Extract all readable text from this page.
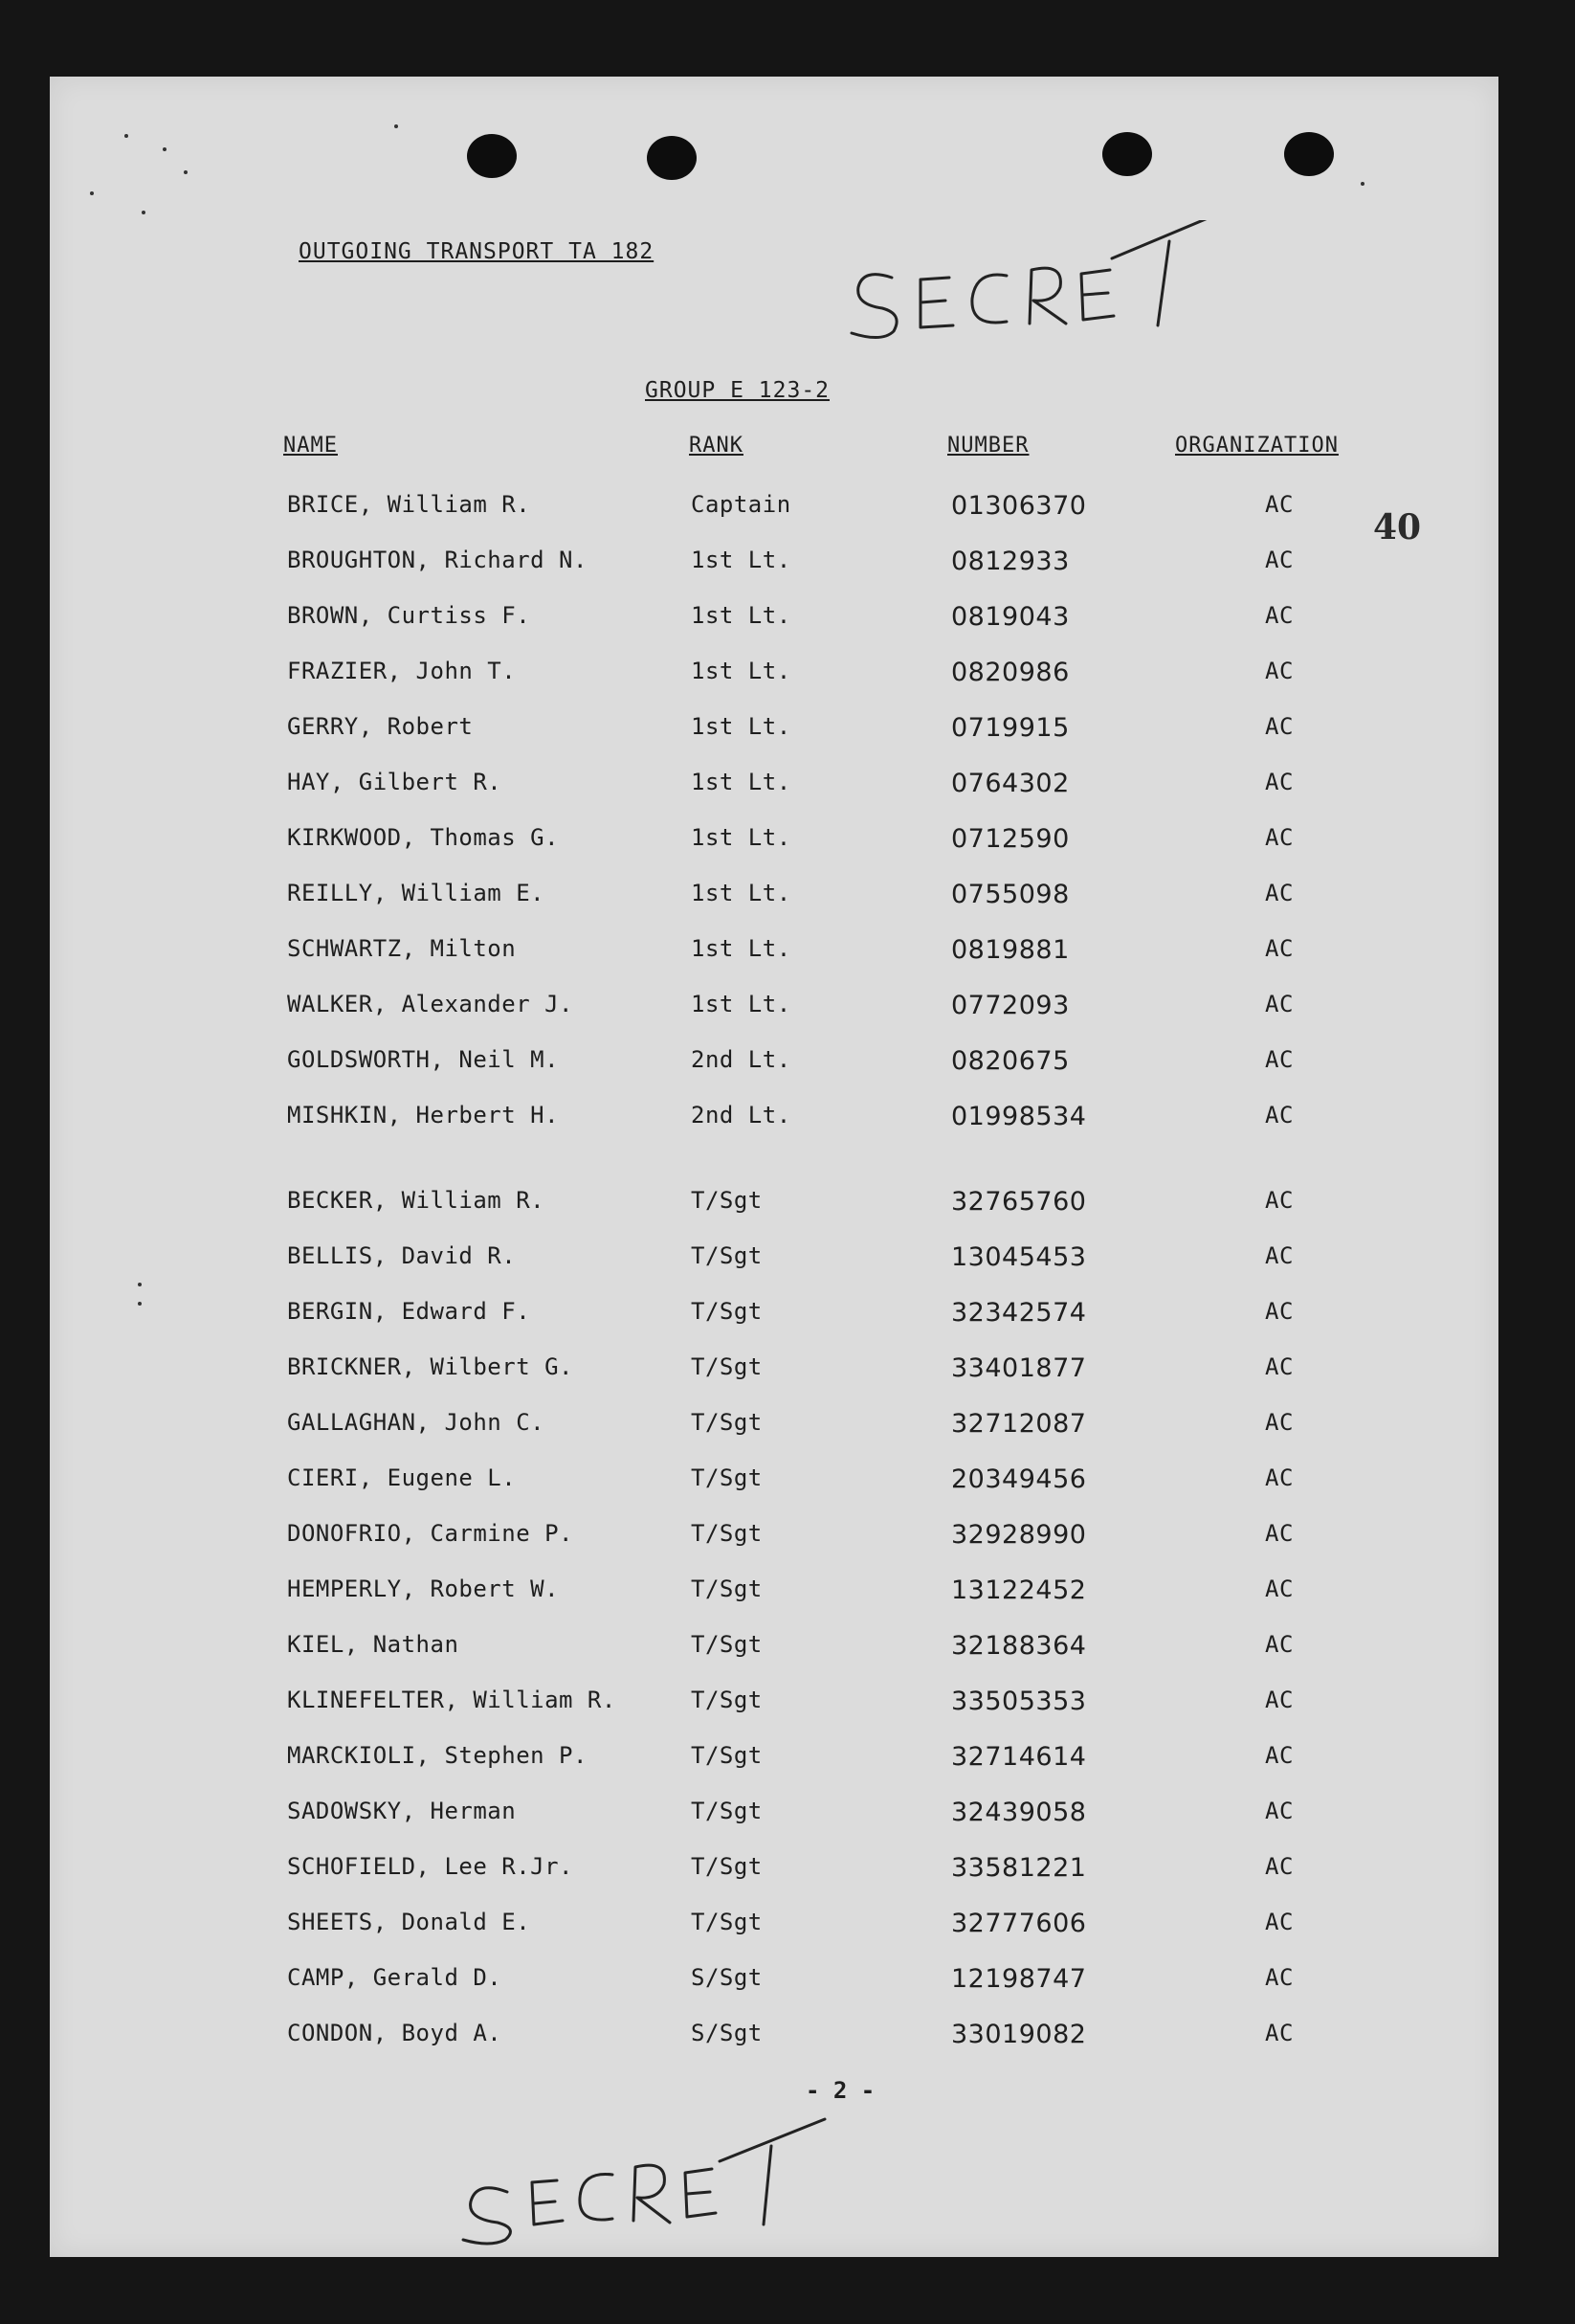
OUTGOING TRANSPORT TA 182
40
GROUP E 123-2
NAME	RANK	NUMBER	ORGANIZATION
BRICE, William R.	Captain	01306370	AC
BROUGHTON, Richard N.	1st Lt.	0812933	AC
BROWN, Curtiss F.	1st Lt.	0819043	AC
FRAZIER, John T.	1st Lt.	0820986	AC
GERRY, Robert	1st Lt.	0719915	AC
HAY, Gilbert R.	1st Lt.	0764302	AC
KIRKWOOD, Thomas G.	1st Lt.	0712590	AC
REILLY, William E.	1st Lt.	0755098	AC
SCHWARTZ, Milton	1st Lt.	0819881	AC
WALKER, Alexander J.	1st Lt.	0772093	AC
GOLDSWORTH, Neil M.	2nd Lt.	0820675	AC
MISHKIN, Herbert H.	2nd Lt.	01998534	AC
BECKER, William R.	T/Sgt	32765760	AC
BELLIS, David R.	T/Sgt	13045453	AC
BERGIN, Edward F.	T/Sgt	32342574	AC
BRICKNER, Wilbert G.	T/Sgt	33401877	AC
GALLAGHAN, John C.	T/Sgt	32712087	AC
CIERI, Eugene L.	T/Sgt	20349456	AC
DONOFRIO, Carmine P.	T/Sgt	32928990	AC
HEMPERLY, Robert W.	T/Sgt	13122452	AC
KIEL, Nathan	T/Sgt	32188364	AC
KLINEFELTER, William R.	T/Sgt	33505353	AC
MARCKIOLI, Stephen P.	T/Sgt	32714614	AC
SADOWSKY, Herman	T/Sgt	32439058	AC
SCHOFIELD, Lee R.Jr.	T/Sgt	33581221	AC
SHEETS, Donald E.	T/Sgt	32777606	AC
CAMP, Gerald D.	S/Sgt	12198747	AC
CONDON, Boyd A.	S/Sgt	33019082	AC
- 2 -
